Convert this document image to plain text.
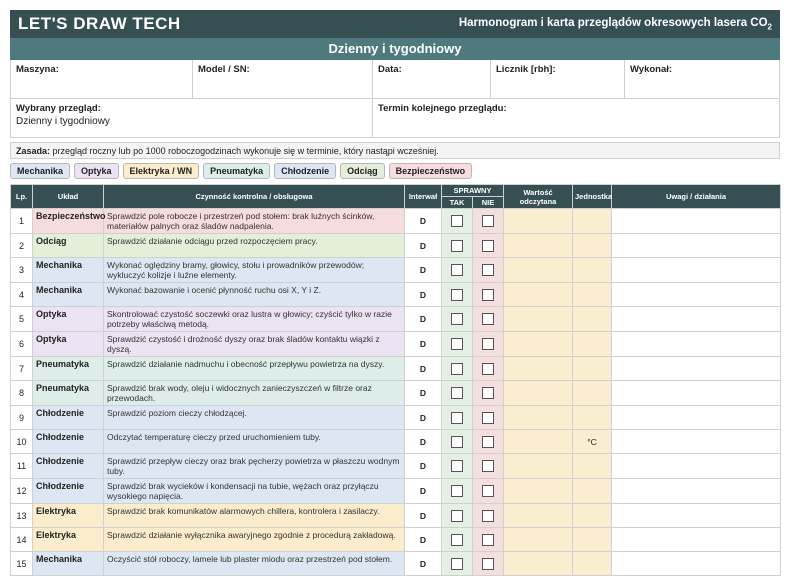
LET'S DRAW TECH	Harmonogram i karta przeglądów okresowych lasera $CO_2$
Dzienny i tygodniowy
Maszyna:	Model / SN:	Data:	Licznik [rbh]:	Wykonał:
Wybrany przegląd:
Dzienny i tygodniowy
Termin kolejnego przeglądu:
Zasada: przegląd roczny lub po 1000 roboczogodzinach wykonuje się w terminie, który nastąpi wcześniej.
Mechanika	Optyka	Elektryka / WN	Pneumatyka	Chłodzenie	Odciąg	Bezpieczeństwo
Lp.	Układ	Czynność kontrolna / obsługowa	Interwał	SPRAWNY		Wartość odczytana	Jednostka	Uwagi / działania
				TAK	NIE			
1	Bezpieczeństwo	Sprawdzić pole robocze i przestrzeń pod stołem: brak luźnych ścinków, materiałów palnych oraz śladów nadpalenia.	D					
2	Odciąg	Sprawdzić działanie odciągu przed rozpoczęciem pracy.	D					
3	Mechanika	Wykonać oględziny bramy, głowicy, stołu i prowadników przewodów; wykluczyć kolizje i luźne elementy.	D					
4	Mechanika	Wykonać bazowanie i ocenić płynność ruchu osi X, Y i Z.	D					
5	Optyka	Skontrolować czystość soczewki oraz lustra w głowicy; czyścić tylko w razie potrzeby właściwą metodą.	D					
6	Optyka	Sprawdzić czystość i drożność dyszy oraz brak śladów kontaktu wiązki z dyszą.	D					
7	Pneumatyka	Sprawdzić działanie nadmuchu i obecność przepływu powietrza na dyszy.	D					
8	Pneumatyka	Sprawdzić brak wody, oleju i widocznych zanieczyszczeń w filtrze oraz przewodach.	D					
9	Chłodzenie	Sprawdzić poziom cieczy chłodzącej.	D					
10	Chłodzenie	Odczytać temperaturę cieczy przed uruchomieniem tuby.	D				°C	
11	Chłodzenie	Sprawdzić przepływ cieczy oraz brak pęcherzy powietrza w płaszczu wodnym tuby.	D					
12	Chłodzenie	Sprawdzić brak wycieków i kondensacji na tubie, wężach oraz przyłączu wysokiego napięcia.	D					
13	Elektryka	Sprawdzić brak komunikatów alarmowych chillera, kontrolera i zasilaczy.	D					
14	Elektryka	Sprawdzić działanie wyłącznika awaryjnego zgodnie z procedurą zakładową.	D					
15	Mechanika	Oczyścić stół roboczy, lamele lub plaster miodu oraz przestrzeń pod stołem.	D					
